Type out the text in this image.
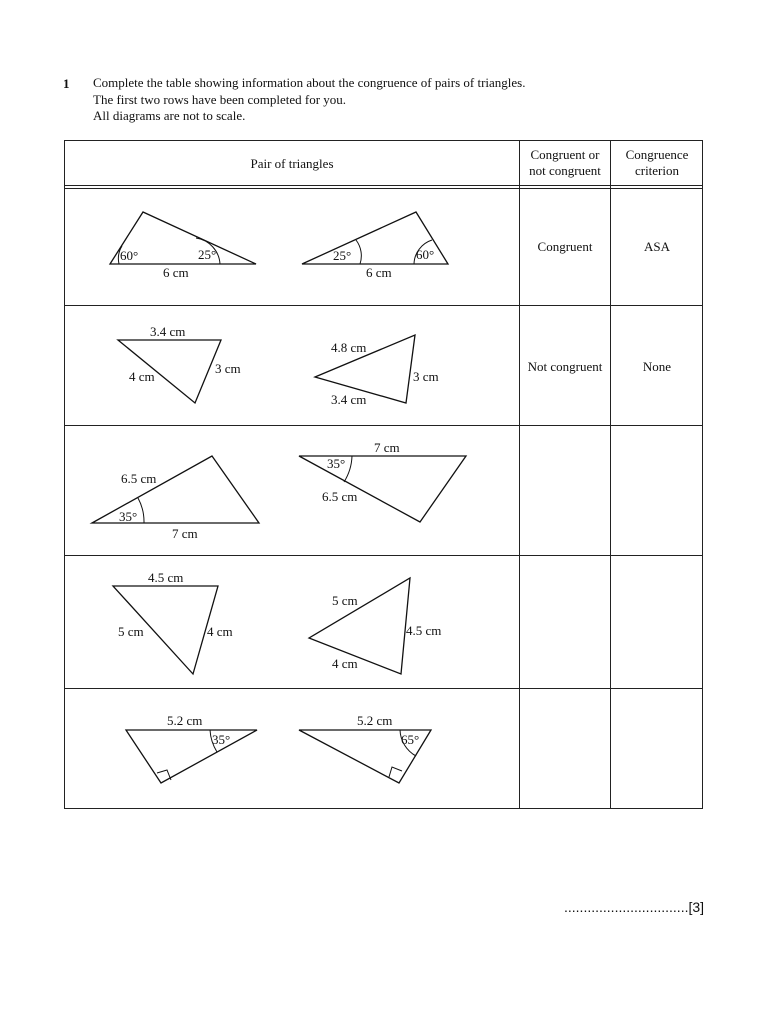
1 Complete the table showing information about the congruence of pairs of triangles.
The first two rows have been completed for you.
All diagrams are not to scale.
Pair of triangles
Congruent or
not congruent
Congruence
criterion
Congruent	ASA
Not congruent	None
60°	25°
6 cm
25°	60°
6 cm
3.4 cm
4 cm
3 cm
4.8 cm
3 cm
3.4 cm
6.5 cm
35°
7 cm
7 cm
35°
6.5 cm
4.5 cm
5 cm	4 cm
5 cm
4.5 cm
4 cm
5.2 cm
35°
5.2 cm
65°
................................[3]
